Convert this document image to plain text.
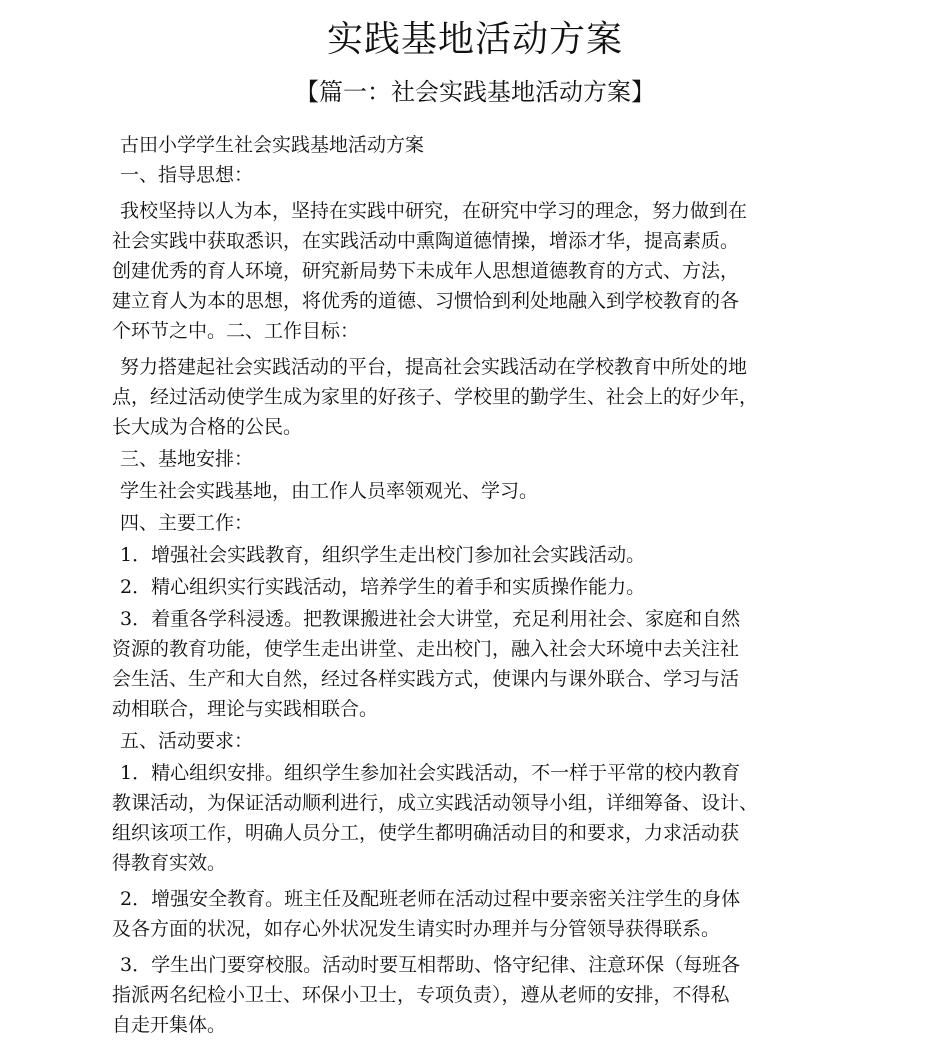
实践基地活动方案
【篇一：社会实践基地活动方案】
古田小学学生社会实践基地活动方案
一、指导思想：
我校坚持以人为本，坚持在实践中研究，在研究中学习的理念，努力做到在
社会实践中获取悉识，在实践活动中熏陶道德情操，增添才华，提高素质。
创建优秀的育人环境，研究新局势下未成年人思想道德教育的方式、方法，
建立育人为本的思想，将优秀的道德、习惯恰到利处地融入到学校教育的各
个环节之中。二、工作目标：
努力搭建起社会实践活动的平台，提高社会实践活动在学校教育中所处的地
点，经过活动使学生成为家里的好孩子、学校里的勤学生、社会上的好少年，
长大成为合格的公民。
三、基地安排：
学生社会实践基地，由工作人员率领观光、学习。
四、主要工作：
1．增强社会实践教育，组织学生走出校门参加社会实践活动。
2．精心组织实行实践活动，培养学生的着手和实质操作能力。
3．着重各学科浸透。把教课搬进社会大讲堂，充足利用社会、家庭和自然
资源的教育功能，使学生走出讲堂、走出校门，融入社会大环境中去关注社
会生活、生产和大自然，经过各样实践方式，使课内与课外联合、学习与活
动相联合，理论与实践相联合。
五、活动要求：
1．精心组织安排。组织学生参加社会实践活动，不一样于平常的校内教育
教课活动，为保证活动顺利进行，成立实践活动领导小组，详细筹备、设计、
组织该项工作，明确人员分工，使学生都明确活动目的和要求，力求活动获
得教育实效。
2．增强安全教育。班主任及配班老师在活动过程中要亲密关注学生的身体
及各方面的状况，如存心外状况发生请实时办理并与分管领导获得联系。
3．学生出门要穿校服。活动时要互相帮助、恪守纪律、注意环保（每班各
指派两名纪检小卫士、环保小卫士，专项负责），遵从老师的安排，不得私
自走开集体。
